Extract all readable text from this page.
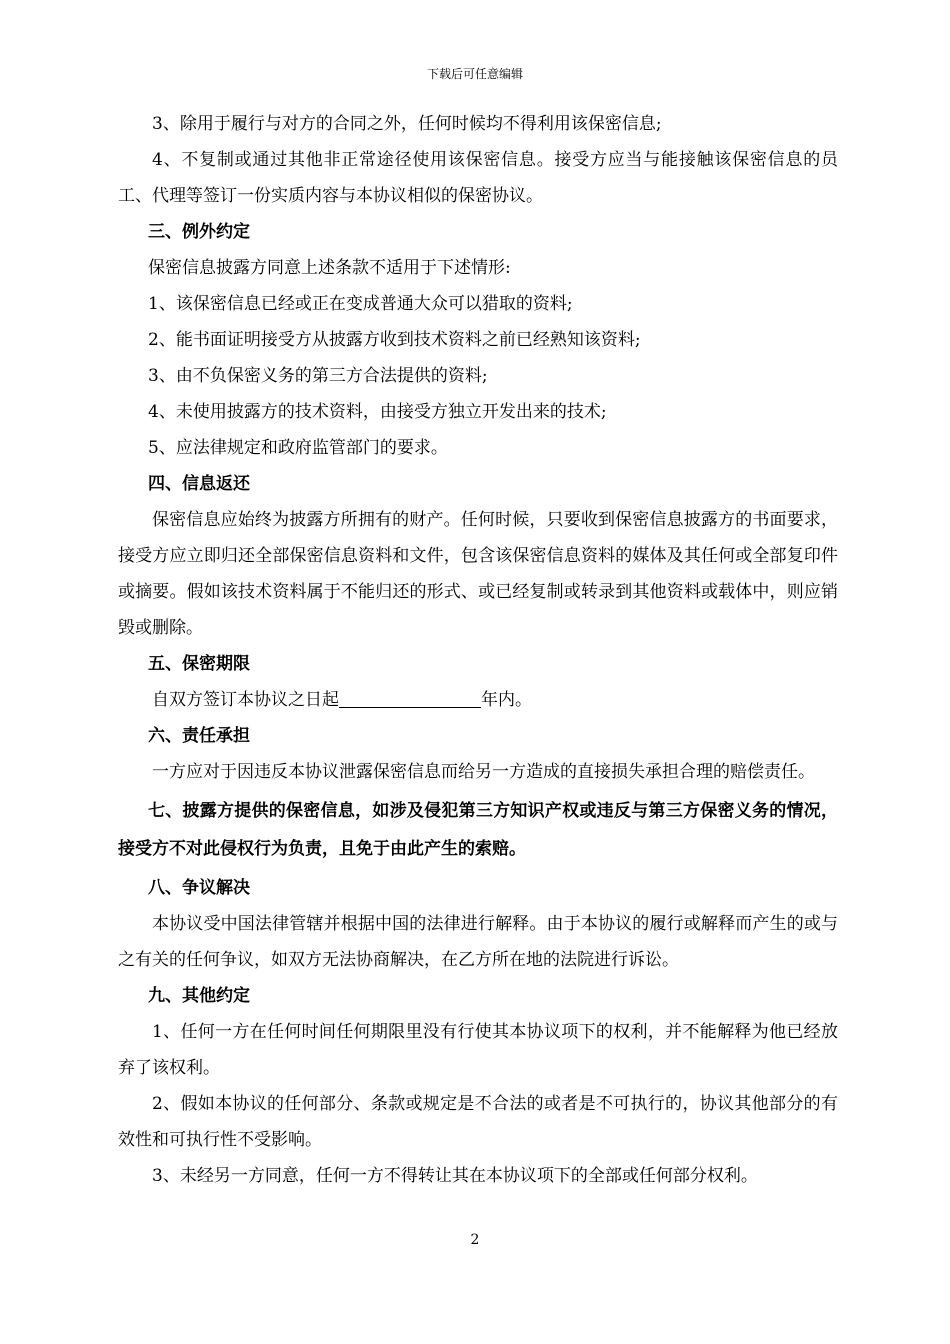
下载后可任意编辑

3、除用于履行与对方的合同之外，任何时候均不得利用该保密信息;

4、不复制或通过其他非正常途径使用该保密信息。接受方应当与能接触该保密信息的员工、代理等签订一份实质内容与本协议相似的保密协议。

三、例外约定

保密信息披露方同意上述条款不适用于下述情形:

1、该保密信息已经或正在变成普通大众可以猎取的资料;

2、能书面证明接受方从披露方收到技术资料之前已经熟知该资料;

3、由不负保密义务的第三方合法提供的资料;

4、未使用披露方的技术资料，由接受方独立开发出来的技术;

5、应法律规定和政府监管部门的要求。

四、信息返还

保密信息应始终为披露方所拥有的财产。任何时候，只要收到保密信息披露方的书面要求，接受方应立即归还全部保密信息资料和文件，包含该保密信息资料的媒体及其任何或全部复印件或摘要。假如该技术资料属于不能归还的形式、或已经复制或转录到其他资料或载体中，则应销毁或删除。

五、保密期限

自双方签订本协议之日起	年内。

六、责任承担

一方应对于因违反本协议泄露保密信息而给另一方造成的直接损失承担合理的赔偿责任。

七、披露方提供的保密信息，如涉及侵犯第三方知识产权或违反与第三方保密义务的情况，接受方不对此侵权行为负责，且免于由此产生的索赔。

八、争议解决

本协议受中国法律管辖并根据中国的法律进行解释。由于本协议的履行或解释而产生的或与之有关的任何争议，如双方无法协商解决，在乙方所在地的法院进行诉讼。

九、其他约定

1、任何一方在任何时间任何期限里没有行使其本协议项下的权利，并不能解释为他已经放弃了该权利。

2、假如本协议的任何部分、条款或规定是不合法的或者是不可执行的，协议其他部分的有效性和可执行性不受影响。

3、未经另一方同意，任何一方不得转让其在本协议项下的全部或任何部分权利。

2
